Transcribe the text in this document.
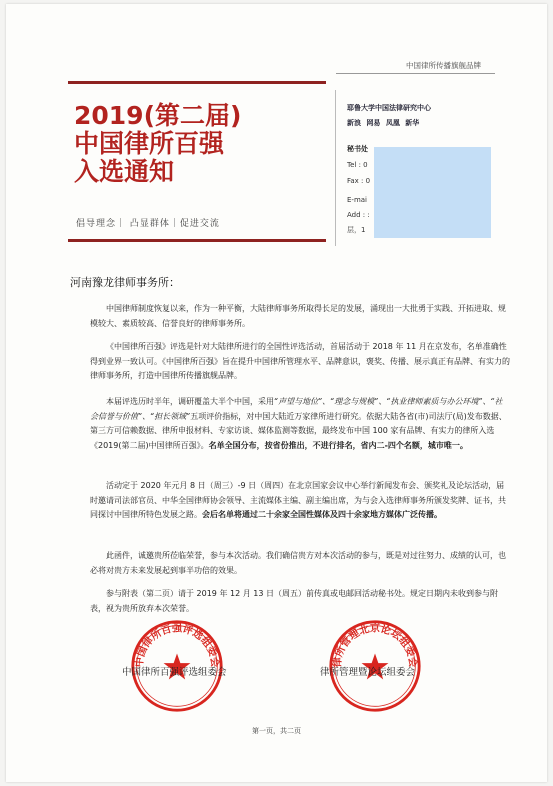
中国律所传播旗舰品牌
2019(第二届)
中国律所百强
入选通知
倡导理念｜ 凸显群体｜促进交流
耶鲁大学中国法律研究中心
新浪 网易 凤凰 新华
秘书处
Tel : 0
Fax : 0
E-mai
Add : :
层，1
河南豫龙律师事务所：
中国律师制度恢复以来，作为一种平衡，大陆律师事务所取得长足的发展，涌现出一大批勇于实践、开拓进取、规模较大、素质较高、信誉良好的律师事务所。
《中国律所百强》评选是针对大陆律所进行的全国性评选活动，首届活动于 2018 年 11 月在京发布，名单准确性得到业界一致认可。《中国律所百强》旨在提升中国律所管理水平、品牌意识，褒奖、传播、展示真正有品牌、有实力的律师事务所，打造中国律所传播旗舰品牌。
本届评选历时半年，调研覆盖大半个中国，采用“声望与地位”、“理念与规模”、“执业律师素质与办公环境”、“社会信誉与价值”、“担长领域”五项评价指标，对中国大陆近万家律所进行研究。依据大陆各省(市)司法厅(局)发布数据、第三方可信赖数据、律所申报材料、专家访谈、媒体监测等数据，最终发布中国 100 家有品牌、有实力的律所入选《2019(第二届)中国律所百强》。名单全国分布，按省份推出，不进行排名，省内二-四个名额，城市唯一。
活动定于 2020 年元月 8 日（周三）-9 日（周四）在北京国家会议中心举行新闻发布会、颁奖礼及论坛活动，届时邀请司法部官员、中华全国律师协会领导、主流媒体主编、副主编出席，为与会入选律师事务所颁发奖牌、证书，共同探讨中国律所特色发展之路。会后名单将通过二十余家全国性媒体及四十余家地方媒体广泛传播。
此函件，诚邀贵所莅临荣誉，参与本次活动。我们确信贵方对本次活动的参与，既是对过往努力、成绩的认可，也必将对贵方未来发展起到事半功倍的效果。
参与附表（第二页）请于 2019 年 12 月 13 日（周五）前传真或电邮回活动秘书处。规定日期内未收到参与附表，视为贵所放弃本次荣誉。
中国律所百强评选组委会	律所管理北京论坛组委会
中国律所百强评选组委会	律所管理暨论坛组委会
第一页，共二页
